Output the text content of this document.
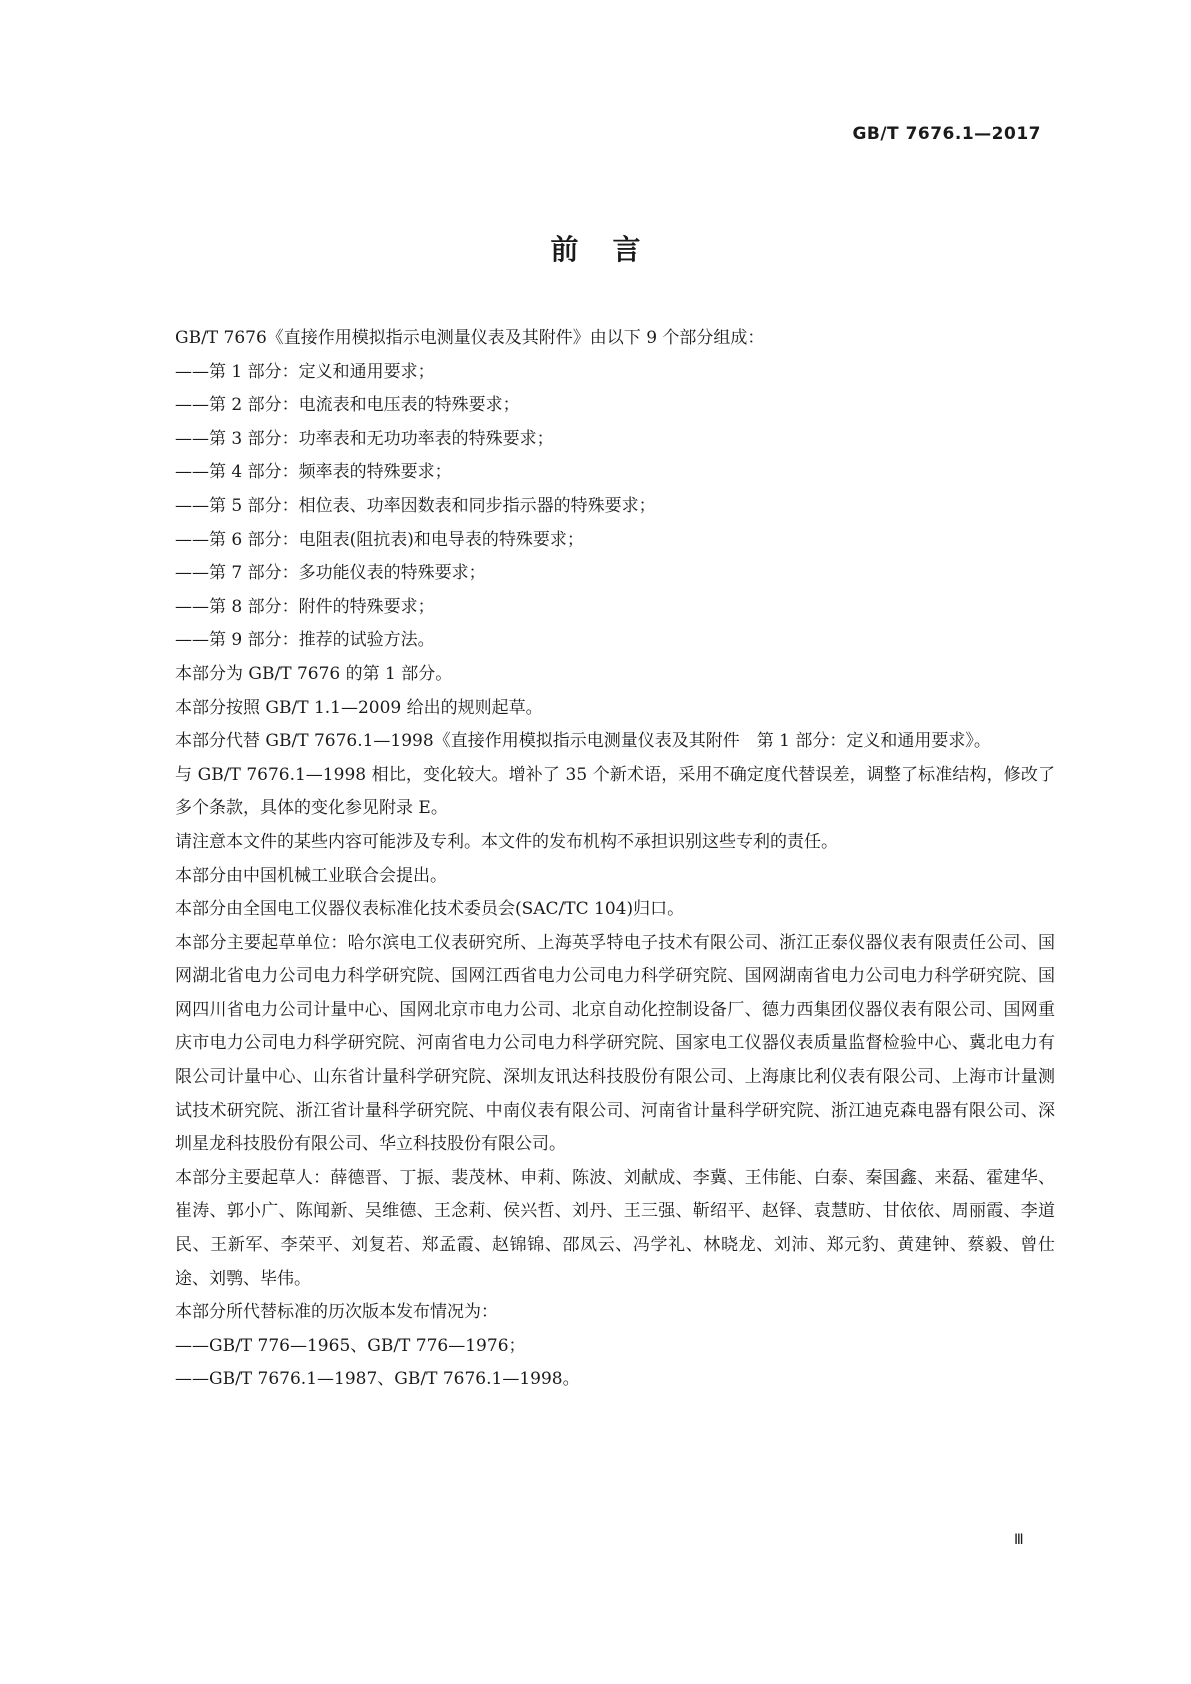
GB/T 7676.1—2017
前言

GB/T 7676《直接作用模拟指示电测量仪表及其附件》由以下 9 个部分组成：

——第 1 部分：定义和通用要求；

——第 2 部分：电流表和电压表的特殊要求；

——第 3 部分：功率表和无功功率表的特殊要求；

——第 4 部分：频率表的特殊要求；

——第 5 部分：相位表、功率因数表和同步指示器的特殊要求；

——第 6 部分：电阻表(阻抗表)和电导表的特殊要求；

——第 7 部分：多功能仪表的特殊要求；

——第 8 部分：附件的特殊要求；

——第 9 部分：推荐的试验方法。

本部分为 GB/T 7676 的第 1 部分。

本部分按照 GB/T 1.1—2009 给出的规则起草。

本部分代替 GB/T 7676.1—1998《直接作用模拟指示电测量仪表及其附件　第 1 部分：定义和通用要求》。

与 GB/T 7676.1—1998 相比，变化较大。增补了 35 个新术语，采用不确定度代替误差，调整了标准结构，修改了多个条款，具体的变化参见附录 E。

请注意本文件的某些内容可能涉及专利。本文件的发布机构不承担识别这些专利的责任。

本部分由中国机械工业联合会提出。

本部分由全国电工仪器仪表标准化技术委员会(SAC/TC 104)归口。

本部分主要起草单位：哈尔滨电工仪表研究所、上海英孚特电子技术有限公司、浙江正泰仪器仪表有限责任公司、国网湖北省电力公司电力科学研究院、国网江西省电力公司电力科学研究院、国网湖南省电力公司电力科学研究院、国网四川省电力公司计量中心、国网北京市电力公司、北京自动化控制设备厂、德力西集团仪器仪表有限公司、国网重庆市电力公司电力科学研究院、河南省电力公司电力科学研究院、国家电工仪器仪表质量监督检验中心、冀北电力有限公司计量中心、山东省计量科学研究院、深圳友讯达科技股份有限公司、上海康比利仪表有限公司、上海市计量测试技术研究院、浙江省计量科学研究院、中南仪表有限公司、河南省计量科学研究院、浙江迪克森电器有限公司、深圳星龙科技股份有限公司、华立科技股份有限公司。

本部分主要起草人：薛德晋、丁振、裴茂林、申莉、陈波、刘献成、李冀、王伟能、白泰、秦国鑫、来磊、霍建华、崔涛、郭小广、陈闻新、吴维德、王念莉、侯兴哲、刘丹、王三强、靳绍平、赵铎、袁慧昉、甘依依、周丽霞、李道民、王新军、李荣平、刘复若、郑孟霞、赵锦锦、邵凤云、冯学礼、林晓龙、刘沛、郑元豹、黄建钟、蔡毅、曾仕途、刘鹗、毕伟。

本部分所代替标准的历次版本发布情况为：

——GB/T 776—1965、GB/T 776—1976；

——GB/T 7676.1—1987、GB/T 7676.1—1998。

Ⅲ
